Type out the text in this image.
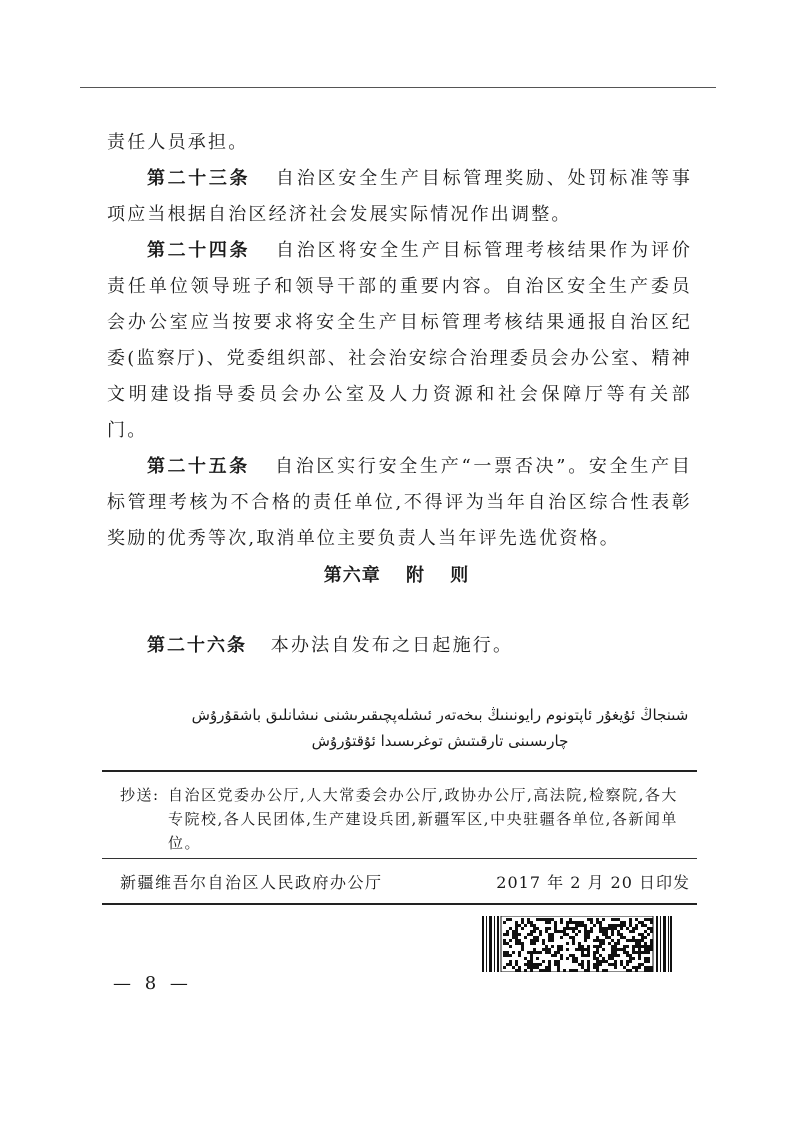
责任人员承担。

第二十三条 自治区安全生产目标管理奖励、处罚标准等事项应当根据自治区经济社会发展实际情况作出调整。

第二十四条 自治区将安全生产目标管理考核结果作为评价责任单位领导班子和领导干部的重要内容。自治区安全生产委员会办公室应当按要求将安全生产目标管理考核结果通报自治区纪委(监察厅)、党委组织部、社会治安综合治理委员会办公室、精神文明建设指导委员会办公室及人力资源和社会保障厅等有关部门。

第二十五条 自治区实行安全生产“一票否决”。安全生产目标管理考核为不合格的责任单位,不得评为当年自治区综合性表彰奖励的优秀等次,取消单位主要负责人当年评先选优资格。

第六章 附 则
第二十六条 本办法自发布之日起施行。
شىنجاڭ ئۇيغۇر ئاپتونوم رايونىنىڭ بىخەتەر ئىشلەپچىقىرىشنى نىشانلىق باشقۇرۇش
چارىسىنى تارقىتىش توغرىسىدا ئۇقتۇرۇش
抄送: 自治区党委办公厅,人大常委会办公厅,政协办公厅,高法院,检察院,各大专院校,各人民团体,生产建设兵团,新疆军区,中央驻疆各单位,各新闻单位。
新疆维吾尔自治区人民政府办公厅	2017 年 2 月 20 日印发
— 8 —
